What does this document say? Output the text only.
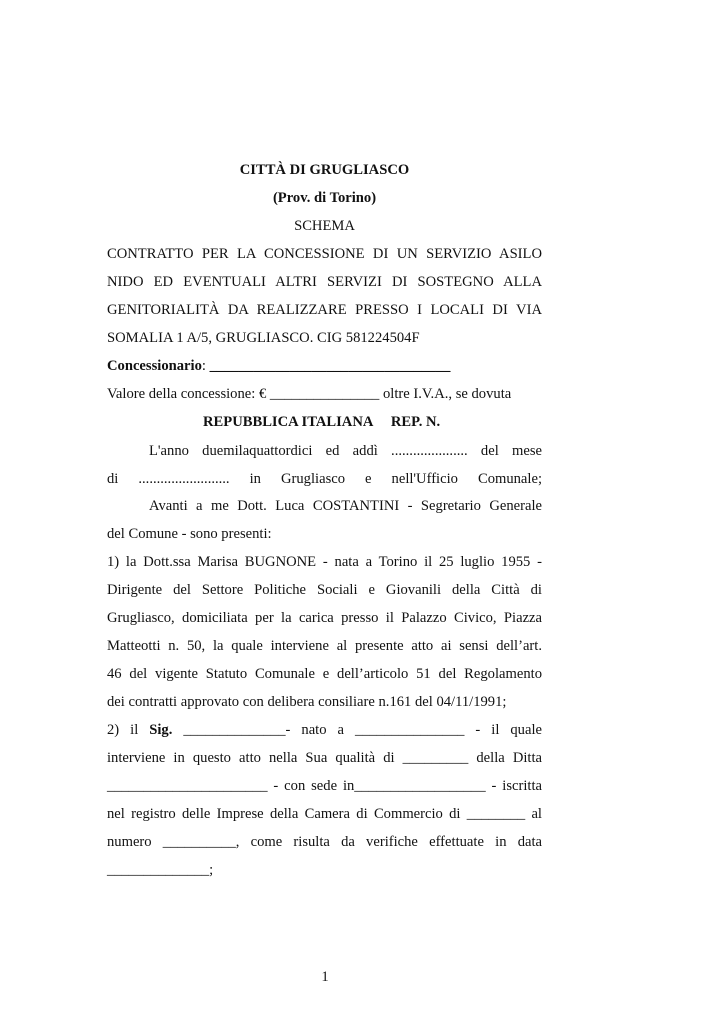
CITTÀ DI GRUGLIASCO

(Prov. di Torino)

SCHEMA

CONTRATTO PER LA CONCESSIONE DI UN SERVIZIO ASILO

NIDO ED EVENTUALI ALTRI SERVIZI DI SOSTEGNO ALLA

GENITORIALITÀ DA REALIZZARE PRESSO I LOCALI DI VIA

SOMALIA 1 A/5, GRUGLIASCO. CIG 581224504F

Concessionario: _________________________________

Valore della concessione: € _______________ oltre I.V.A., se dovuta

REPUBBLICA ITALIANA     REP. N.

L'anno duemilaquattordici ed addì ..................... del mese

di ......................... in Grugliasco e nell'Ufficio Comunale;

Avanti a me Dott. Luca COSTANTINI - Segretario Generale

del Comune - sono presenti:

1) la Dott.ssa Marisa BUGNONE - nata a Torino il 25 luglio 1955 -

Dirigente del Settore Politiche Sociali e Giovanili della Città di

Grugliasco, domiciliata per la carica presso il Palazzo Civico, Piazza

Matteotti n. 50, la quale interviene al presente atto ai sensi dell’art.

46 del vigente Statuto Comunale e dell’articolo 51 del Regolamento

dei contratti approvato con delibera consiliare n.161 del 04/11/1991;

2) il Sig. ______________- nato a _______________ - il quale

interviene in questo atto nella Sua qualità di _________ della Ditta

______________________ - con sede in__________________ - iscritta

nel registro delle Imprese della Camera di Commercio di ________ al

numero __________, come risulta da verifiche effettuate in data

______________;

1
